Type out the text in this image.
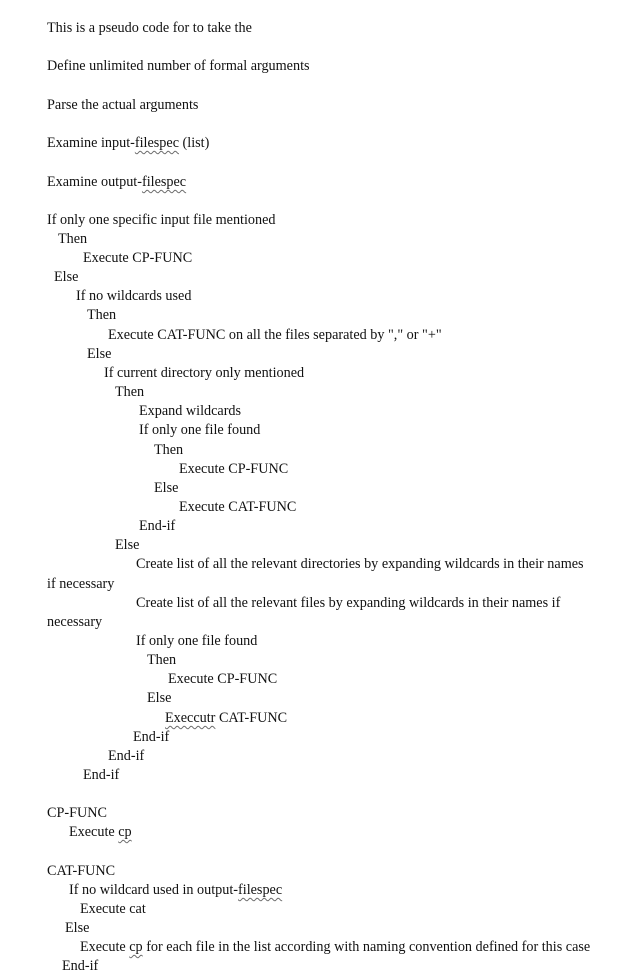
This is a pseudo code for to take the
Define unlimited number of formal arguments
Parse the actual arguments
Examine input-filespec (list)
Examine output-filespec
If only one specific input file mentioned
Then
Execute CP-FUNC
Else
If no wildcards used
Then
Execute CAT-FUNC on all the files separated by "," or "+"
Else
If current directory only mentioned
Then
Expand wildcards
If only one file found
Then
Execute CP-FUNC
Else
Execute CAT-FUNC
End-if
Else
Create list of all the relevant directories by expanding wildcards in their names
if necessary
Create list of all the relevant files by expanding wildcards in their names if
necessary
If only one file found
Then
Execute CP-FUNC
Else
Execcutr CAT-FUNC
End-if
End-if
End-if
CP-FUNC
Execute cp
CAT-FUNC
If no wildcard used in output-filespec
Execute cat
Else
Execute cp for each file in the list according with naming convention defined for this case
End-if
